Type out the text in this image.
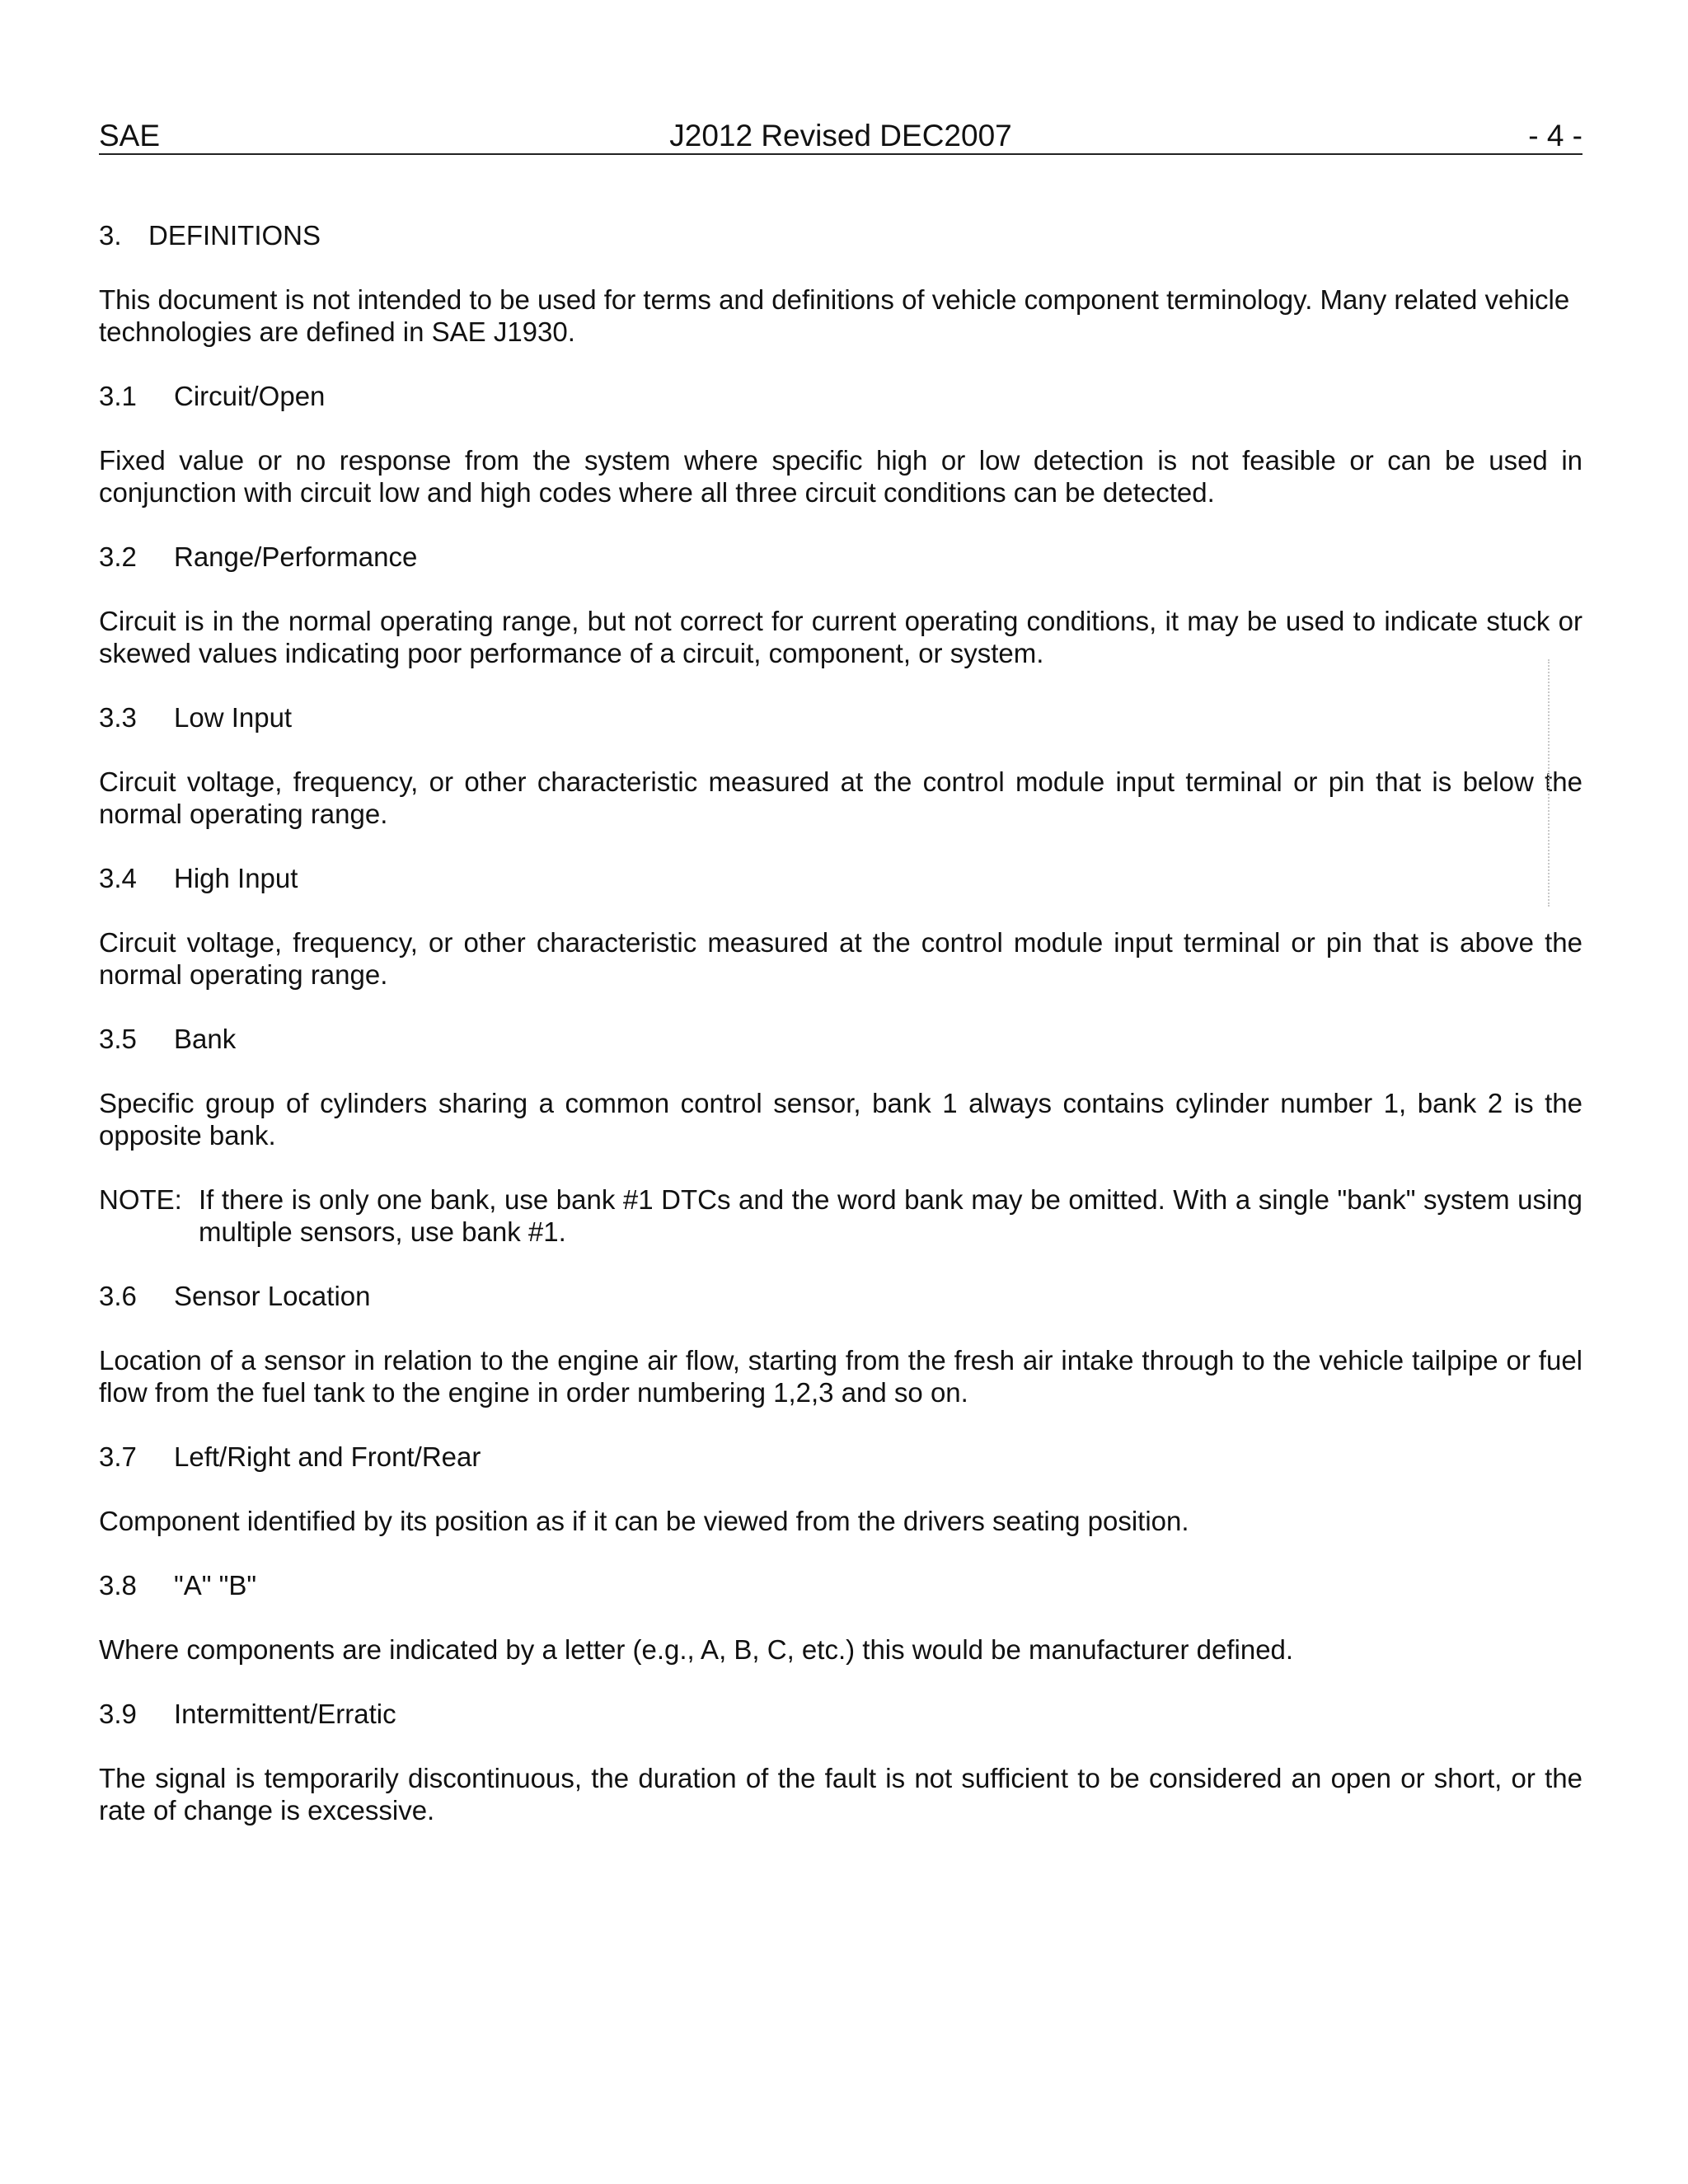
SAE	J2012 Revised DEC2007	- 4 -
3. DEFINITIONS

This document is not intended to be used for terms and definitions of vehicle component terminology. Many related vehicle technologies are defined in SAE J1930.

3.1	Circuit/Open

Fixed value or no response from the system where specific high or low detection is not feasible or can be used in conjunction with circuit low and high codes where all three circuit conditions can be detected.

3.2	Range/Performance

Circuit is in the normal operating range, but not correct for current operating conditions, it may be used to indicate stuck or skewed values indicating poor performance of a circuit, component, or system.

3.3	Low Input

Circuit voltage, frequency, or other characteristic measured at the control module input terminal or pin that is below the normal operating range.

3.4	High Input

Circuit voltage, frequency, or other characteristic measured at the control module input terminal or pin that is above the normal operating range.

3.5	Bank

Specific group of cylinders sharing a common control sensor, bank 1 always contains cylinder number 1, bank 2 is the opposite bank.

NOTE: If there is only one bank, use bank #1 DTCs and the word bank may be omitted. With a single "bank" system using multiple sensors, use bank #1.
3.6	Sensor Location

Location of a sensor in relation to the engine air flow, starting from the fresh air intake through to the vehicle tailpipe or fuel flow from the fuel tank to the engine in order numbering 1,2,3 and so on.

3.7	Left/Right and Front/Rear

Component identified by its position as if it can be viewed from the drivers seating position.

3.8	"A" "B"

Where components are indicated by a letter (e.g., A, B, C, etc.) this would be manufacturer defined.

3.9	Intermittent/Erratic

The signal is temporarily discontinuous, the duration of the fault is not sufficient to be considered an open or short, or the rate of change is excessive.
